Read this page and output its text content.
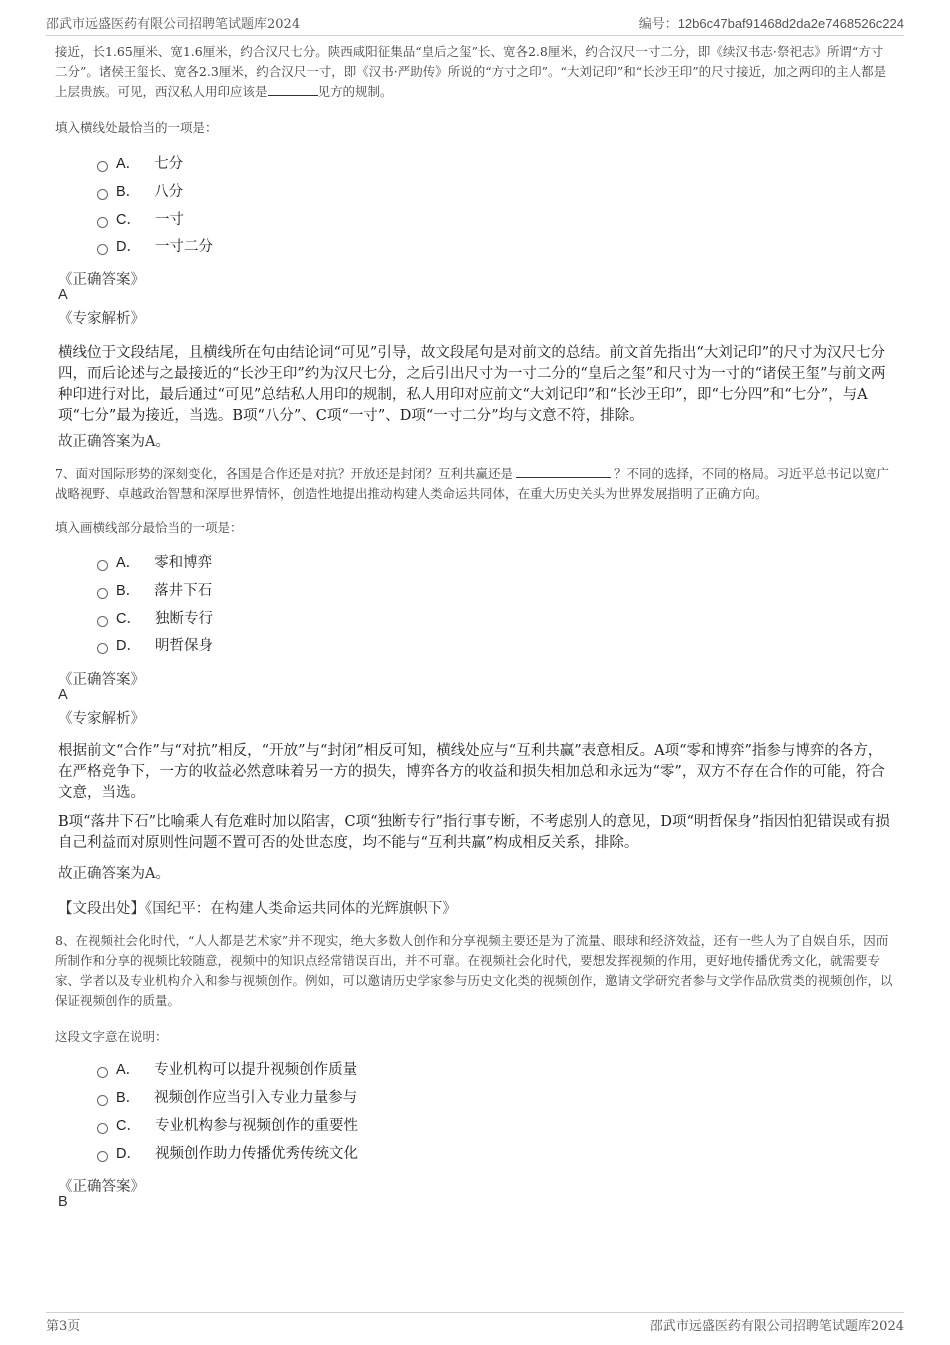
邵武市远盛医药有限公司招聘笔试题库2024	编号：12b6c47baf91468d2da2e7468526c224

接近，长1.65厘米、宽1.6厘米，约合汉尺七分。陕西咸阳征集品“皇后之玺”长、宽各2.8厘米，约合汉尺一寸二分，即《续汉书志·祭祀志》所谓“方寸二分”。诸侯王玺长、宽各2.3厘米，约合汉尺一寸，即《汉书·严助传》所说的“方寸之印”。“大刘记印”和“长沙王印”的尺寸接近，加之两印的主人都是上层贵族。可见，西汉私人用印应该是	见方的规制。

填入横线处最恰当的一项是：
A． 七分
B． 八分
C． 一寸
D． 一寸二分
《正确答案》
A
《专家解析》

横线位于文段结尾，且横线所在句由结论词“可见”引导，故文段尾句是对前文的总结。前文首先指出“大刘记印”的尺寸为汉尺七分四，而后论述与之最接近的“长沙王印”约为汉尺七分，之后引出尺寸为一寸二分的“皇后之玺”和尺寸为一寸的“诸侯王玺”与前文两种印进行对比，最后通过“可见”总结私人用印的规制，私人用印对应前文“大刘记印”和“长沙王印”，即“七分四”和“七分”，与A项“七分”最为接近，当选。B项“八分”、C项“一寸”、D项“一寸二分”均与文意不符，排除。

故正确答案为A。

7、面对国际形势的深刻变化，各国是合作还是对抗？开放还是封闭？互利共赢还是	？不同的选择，不同的格局。习近平总书记以宽广战略视野、卓越政治智慧和深厚世界情怀，创造性地提出推动构建人类命运共同体，在重大历史关头为世界发展指明了正确方向。

填入画横线部分最恰当的一项是：
A． 零和博弈
B． 落井下石
C． 独断专行
D． 明哲保身
《正确答案》
A
《专家解析》

根据前文“合作”与“对抗”相反，“开放”与“封闭”相反可知，横线处应与“互利共赢”表意相反。A项“零和博弈”指参与博弈的各方，在严格竞争下，一方的收益必然意味着另一方的损失，博弈各方的收益和损失相加总和永远为“零”，双方不存在合作的可能，符合文意，当选。

B项“落井下石”比喻乘人有危难时加以陷害，C项“独断专行”指行事专断，不考虑别人的意见，D项“明哲保身”指因怕犯错误或有损自己利益而对原则性问题不置可否的处世态度，均不能与“互利共赢”构成相反关系，排除。

故正确答案为A。
【文段出处】《国纪平：在构建人类命运共同体的光辉旗帜下》

8、在视频社会化时代，“人人都是艺术家”并不现实，绝大多数人创作和分享视频主要还是为了流量、眼球和经济效益，还有一些人为了自娱自乐，因而所制作和分享的视频比较随意，视频中的知识点经常错误百出，并不可靠。在视频社会化时代，要想发挥视频的作用，更好地传播优秀文化，就需要专家、学者以及专业机构介入和参与视频创作。例如，可以邀请历史学家参与历史文化类的视频创作，邀请文学研究者参与文学作品欣赏类的视频创作，以保证视频创作的质量。

这段文字意在说明：
A． 专业机构可以提升视频创作质量
B． 视频创作应当引入专业力量参与
C． 专业机构参与视频创作的重要性
D． 视频创作助力传播优秀传统文化
《正确答案》
B
第3页	邵武市远盛医药有限公司招聘笔试题库2024
